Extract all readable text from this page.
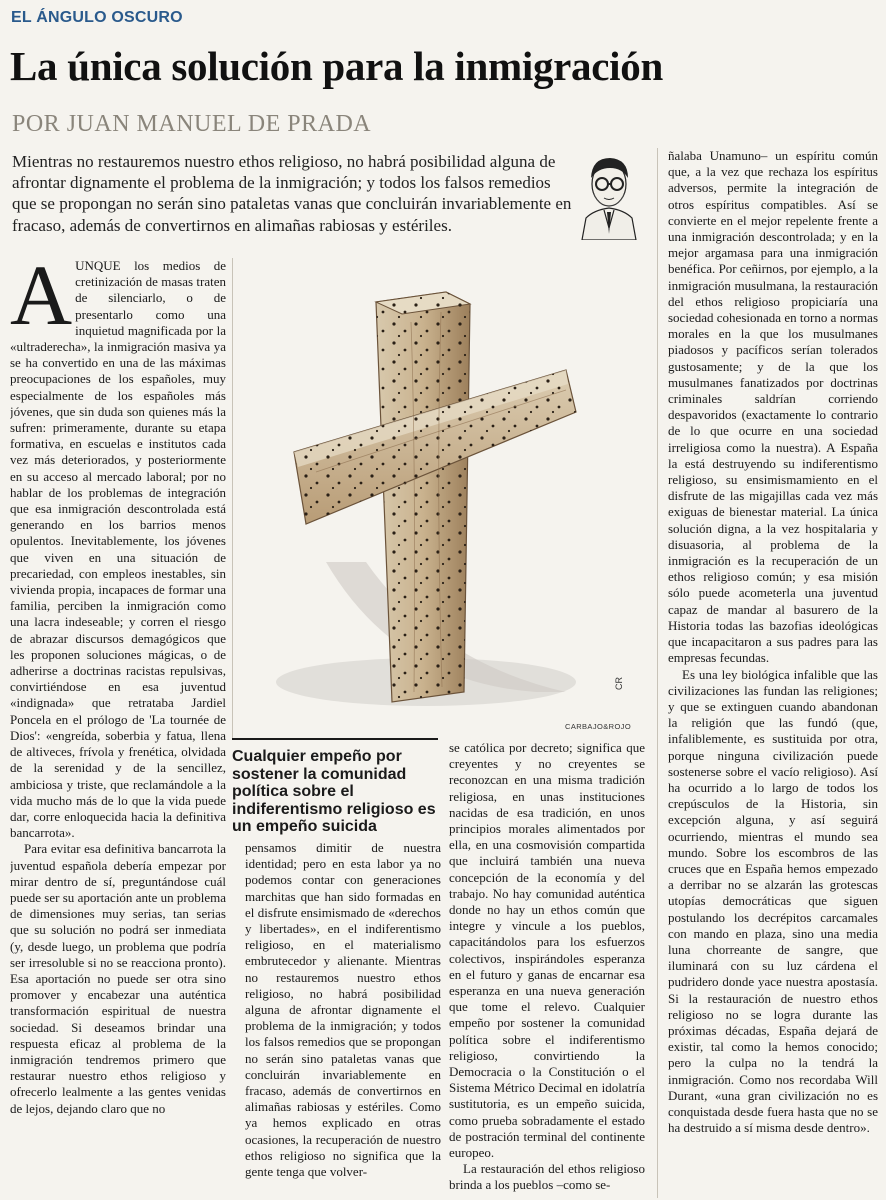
EL ÁNGULO OSCURO
La única solución para la inmigración
POR JUAN MANUEL DE PRADA
Mientras no restauremos nuestro ethos religioso, no habrá posibilidad alguna de afrontar dignamente el problema de la inmigración; y todos los falsos remedios que se propongan no serán sino pataletas vanas que concluirán invariablemente en fracaso, además de convertirnos en alimañas rabiosas y estériles.

AUNQUE los medios de cretinización de masas traten de silenciarlo, o de presentarlo como una inquietud magnificada por la «ultraderecha», la inmigración masiva ya se ha convertido en una de las máximas preocupaciones de los españoles, muy especialmente de los españoles más jóvenes, que sin duda son quienes más la sufren: primeramente, durante su etapa formativa, en escuelas e institutos cada vez más deteriorados, y posteriormente en su acceso al mercado laboral; por no hablar de los problemas de integración que esa inmigración descontrolada está generando en los barrios menos opulentos. Inevitablemente, los jóvenes que viven en una situación de precariedad, con empleos inestables, sin vivienda propia, incapaces de formar una familia, perciben la inmigración como una lacra indeseable; y corren el riesgo de abrazar discursos demagógicos que les proponen soluciones mágicas, o de adherirse a doctrinas racistas repulsivas, convirtiéndose en esa juventud «indignada» que retrataba Jardiel Poncela en el prólogo de 'La tournée de Dios': «engreída, soberbia y fatua, llena de altiveces, frívola y frenética, olvidada de la serenidad y de la sencillez, ambiciosa y triste, que reclamándole a la vida mucho más de lo que la vida puede dar, corre enloquecida hacia la definitiva bancarrota».

Para evitar esa definitiva bancarrota la juventud española debería empezar por mirar dentro de sí, preguntándose cuál puede ser su aportación ante un problema de dimensiones muy serias, tan serias que su solución no podrá ser inmediata (y, desde luego, un problema que podría ser irresoluble si no se reacciona pronto). Esa aportación no puede ser otra sino promover y encabezar una auténtica transformación espiritual de nuestra sociedad. Si deseamos brindar una respuesta eficaz al problema de la inmigración tendremos primero que restaurar nuestro ethos religioso y ofrecerlo lealmente a las gentes venidas de lejos, dejando claro que no

CR
CARBAJO&ROJO
Cualquier empeño por sostener la comunidad política sobre el indiferentismo religioso es un empeño suicida

pensamos dimitir de nuestra identidad; pero en esta labor ya no podemos contar con generaciones marchitas que han sido formadas en el disfrute ensimismado de «derechos y libertades», en el indiferentismo religioso, en el materialismo embrutecedor y alienante. Mientras no restauremos nuestro ethos religioso, no habrá posibilidad alguna de afrontar dignamente el problema de la inmigración; y todos los falsos remedios que se propongan no serán sino pataletas vanas que concluirán invariablemente en fracaso, además de convertirnos en alimañas rabiosas y estériles. Como ya hemos explicado en otras ocasiones, la recuperación de nuestro ethos religioso no significa que la gente tenga que volver-

se católica por decreto; significa que creyentes y no creyentes se reconozcan en una misma tradición religiosa, en unas instituciones nacidas de esa tradición, en unos principios morales alimentados por ella, en una cosmovisión compartida que incluirá también una nueva concepción de la economía y del trabajo. No hay comunidad auténtica donde no hay un ethos común que integre y vincule a los pueblos, capacitándolos para los esfuerzos colectivos, inspirándoles esperanza en el futuro y ganas de encarnar esa esperanza en una nueva generación que tome el relevo. Cualquier empeño por sostener la comunidad política sobre el indiferentismo religioso, convirtiendo la Democracia o la Constitución o el Sistema Métrico Decimal en idolatría sustitutoria, es un empeño suicida, como prueba sobradamente el estado de postración terminal del continente europeo.

La restauración del ethos religioso brinda a los pueblos –como se-

ñalaba Unamuno– un espíritu común que, a la vez que rechaza los espíritus adversos, permite la integración de otros espíritus compatibles. Así se convierte en el mejor repelente frente a una inmigración descontrolada; y en la mejor argamasa para una inmigración benéfica. Por ceñirnos, por ejemplo, a la inmigración musulmana, la restauración del ethos religioso propiciaría una sociedad cohesionada en torno a normas morales en la que los musulmanes piadosos y pacíficos serían tolerados gustosamente; y de la que los musulmanes fanatizados por doctrinas criminales saldrían corriendo despavoridos (exactamente lo contrario de lo que ocurre en una sociedad irreligiosa como la nuestra). A España la está destruyendo su indiferentismo religioso, su ensimismamiento en el disfrute de las migajillas cada vez más exiguas de bienestar material. La única solución digna, a la vez hospitalaria y disuasoria, al problema de la inmigración es la recuperación de un ethos religioso común; y esa misión sólo puede acometerla una juventud capaz de mandar al basurero de la Historia todas las bazofias ideológicas que incapacitaron a sus padres para las empresas fecundas.

Es una ley biológica infalible que las civilizaciones las fundan las religiones; y que se extinguen cuando abandonan la religión que las fundó (que, infaliblemente, es sustituida por otra, porque ninguna civilización puede sostenerse sobre el vacío religioso). Así ha ocurrido a lo largo de todos los crepúsculos de la Historia, sin excepción alguna, y así seguirá ocurriendo, mientras el mundo sea mundo. Sobre los escombros de las cruces que en España hemos empezado a derribar no se alzarán las grotescas utopías democráticas que siguen postulando los decrépitos carcamales con mando en plaza, sino una media luna chorreante de sangre, que iluminará con su luz cárdena el pudridero donde yace nuestra apostasía. Si la restauración de nuestro ethos religioso no se logra durante las próximas décadas, España dejará de existir, tal como la hemos conocido; pero la culpa no la tendrá la inmigración. Como nos recordaba Will Durant, «una gran civilización no es conquistada desde fuera hasta que no se ha destruido a sí misma desde dentro».
